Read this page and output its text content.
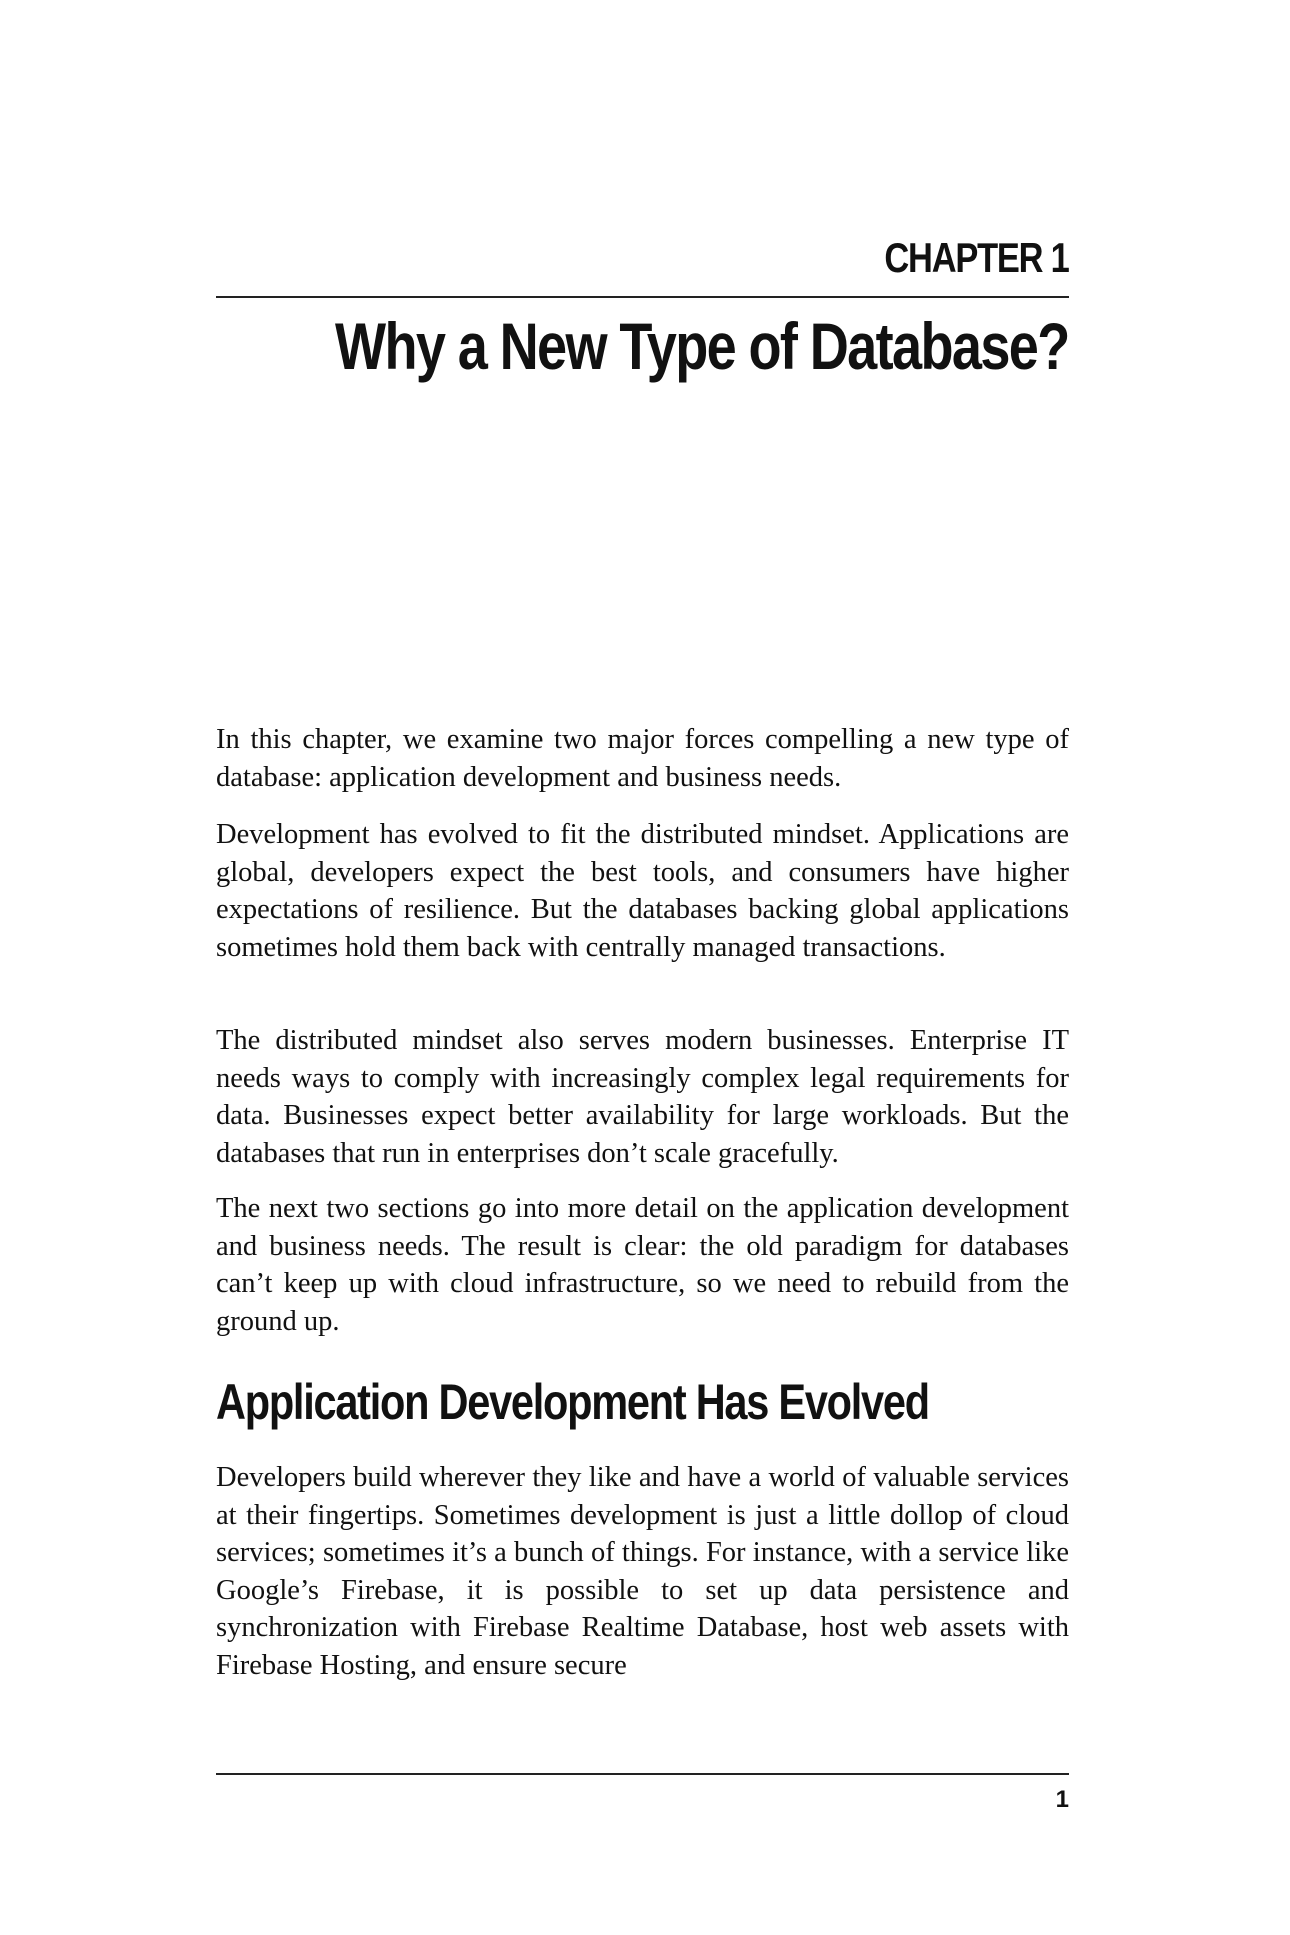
CHAPTER 1
Why a New Type of Database?

In this chapter, we examine two major forces compelling a new type of database: application development and business needs.

Development has evolved to fit the distributed mindset. Applications are global, developers expect the best tools, and consumers have higher expectations of resilience. But the databases backing global applications sometimes hold them back with centrally managed transactions.

The distributed mindset also serves modern businesses. Enterprise IT needs ways to comply with increasingly complex legal requirements for data. Businesses expect better availability for large workloads. But the databases that run in enterprises don’t scale gracefully.

The next two sections go into more detail on the application development and business needs. The result is clear: the old paradigm for databases can’t keep up with cloud infrastructure, so we need to rebuild from the ground up.

Application Development Has Evolved

Developers build wherever they like and have a world of valuable services at their fingertips. Sometimes development is just a little dollop of cloud services; sometimes it’s a bunch of things. For instance, with a service like Google’s Firebase, it is possible to set up data persistence and synchronization with Firebase Realtime Database, host web assets with Firebase Hosting, and ensure secure

1
